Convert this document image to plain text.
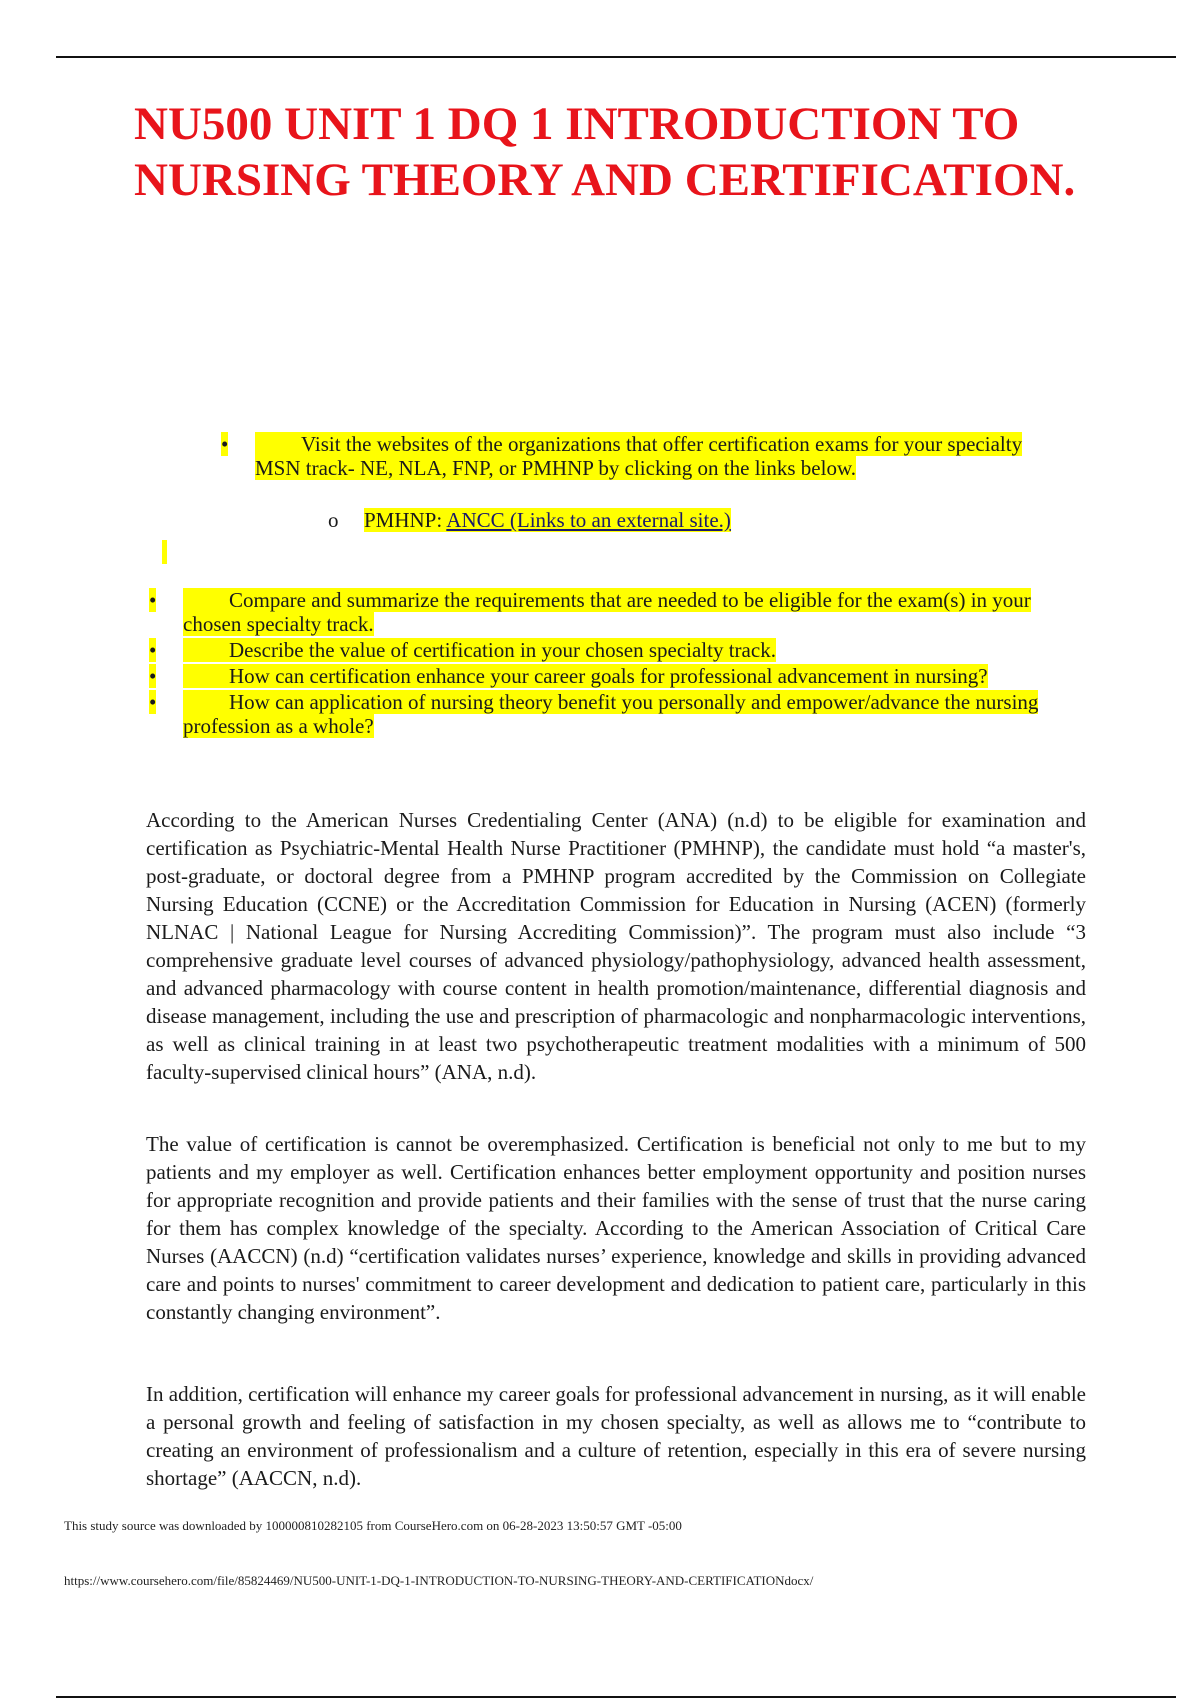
NU500 UNIT 1 DQ 1 INTRODUCTION TO NURSING THEORY AND CERTIFICATION.
•	Visit the websites of the organizations that offer certification exams for your specialty MSN track- NE, NLA, FNP, or PMHNP by clicking on the links below.
o PMHNP: ANCC (Links to an external site.)
•	Compare and summarize the requirements that are needed to be eligible for the exam(s) in your chosen specialty track.
•	Describe the value of certification in your chosen specialty track.
•	How can certification enhance your career goals for professional advancement in nursing?
•	How can application of nursing theory benefit you personally and empower/advance the nursing profession as a whole?

According to the American Nurses Credentialing Center (ANA) (n.d) to be eligible for examination and certification as Psychiatric-Mental Health Nurse Practitioner (PMHNP), the candidate must hold “a master's, post-graduate, or doctoral degree from a PMHNP program accredited by the Commission on Collegiate Nursing Education (CCNE) or the Accreditation Commission for Education in Nursing (ACEN) (formerly NLNAC | National League for Nursing Accrediting Commission)”. The program must also include “3 comprehensive graduate level courses of advanced physiology/pathophysiology, advanced health assessment, and advanced pharmacology with course content in health promotion/maintenance, differential diagnosis and disease management, including the use and prescription of pharmacologic and nonpharmacologic interventions, as well as clinical training in at least two psychotherapeutic treatment modalities with a minimum of 500 faculty-supervised clinical hours” (ANA, n.d).

The value of certification is cannot be overemphasized. Certification is beneficial not only to me but to my patients and my employer as well. Certification enhances better employment opportunity and position nurses for appropriate recognition and provide patients and their families with the sense of trust that the nurse caring for them has complex knowledge of the specialty. According to the American Association of Critical Care Nurses (AACCN) (n.d) “certification validates nurses’ experience, knowledge and skills in providing advanced care and points to nurses' commitment to career development and dedication to patient care, particularly in this constantly changing environment”.

In addition, certification will enhance my career goals for professional advancement in nursing, as it will enable a personal growth and feeling of satisfaction in my chosen specialty, as well as allows me to “contribute to creating an environment of professionalism and a culture of retention, especially in this era of severe nursing shortage” (AACCN, n.d).

This study source was downloaded by 100000810282105 from CourseHero.com on 06-28-2023 13:50:57 GMT -05:00
https://www.coursehero.com/file/85824469/NU500-UNIT-1-DQ-1-INTRODUCTION-TO-NURSING-THEORY-AND-CERTIFICATIONdocx/
